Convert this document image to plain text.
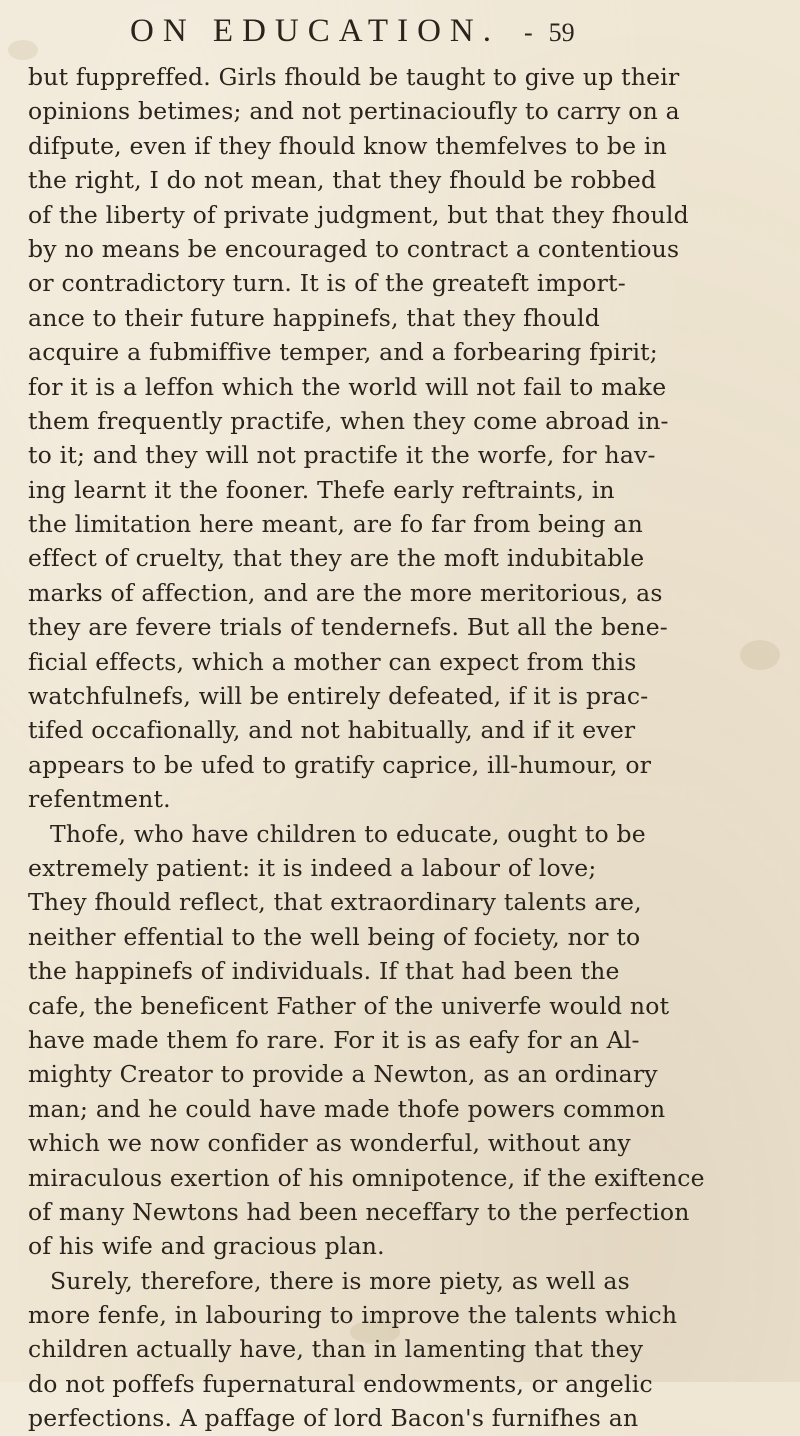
ON EDUCATION. - 59
but fuppreffed. Girls fhould be taught to give up their
opinions betimes; and not pertinacioufly to carry on a
difpute, even if they fhould know themfelves to be in
the right, I do not mean, that they fhould be robbed
of the liberty of private judgment, but that they fhould
by no means be encouraged to contract a contentious
or contradictory turn. It is of the greateft import-
ance to their future happinefs, that they fhould
acquire a fubmiffive temper, and a forbearing fpirit;
for it is a leffon which the world will not fail to make
them frequently practife, when they come abroad in-
to it; and they will not practife it the worfe, for hav-
ing learnt it the fooner. Thefe early reftraints, in
the limitation here meant, are fo far from being an
effect of cruelty, that they are the moft indubitable
marks of affection, and are the more meritorious, as
they are fevere trials of tendernefs. But all the bene-
ficial effects, which a mother can expect from this
watchfulnefs, will be entirely defeated, if it is prac-
tifed occafionally, and not habitually, and if it ever
appears to be ufed to gratify caprice, ill-humour, or
refentment.
Thofe, who have children to educate, ought to be
extremely patient: it is indeed a labour of love;
They fhould reflect, that extraordinary talents are,
neither effential to the well being of fociety, nor to
the happinefs of individuals. If that had been the
cafe, the beneficent Father of the univerfe would not
have made them fo rare. For it is as eafy for an Al-
mighty Creator to provide a Newton, as an ordinary
man; and he could have made thofe powers common
which we now confider as wonderful, without any
miraculous exertion of his omnipotence, if the exiftence
of many Newtons had been neceffary to the perfection
of his wife and gracious plan.
Surely, therefore, there is more piety, as well as
more fenfe, in labouring to improve the talents which
children actually have, than in lamenting that they
do not poffefs fupernatural endowments, or angelic
perfections. A paffage of lord Bacon's furnifhes an
